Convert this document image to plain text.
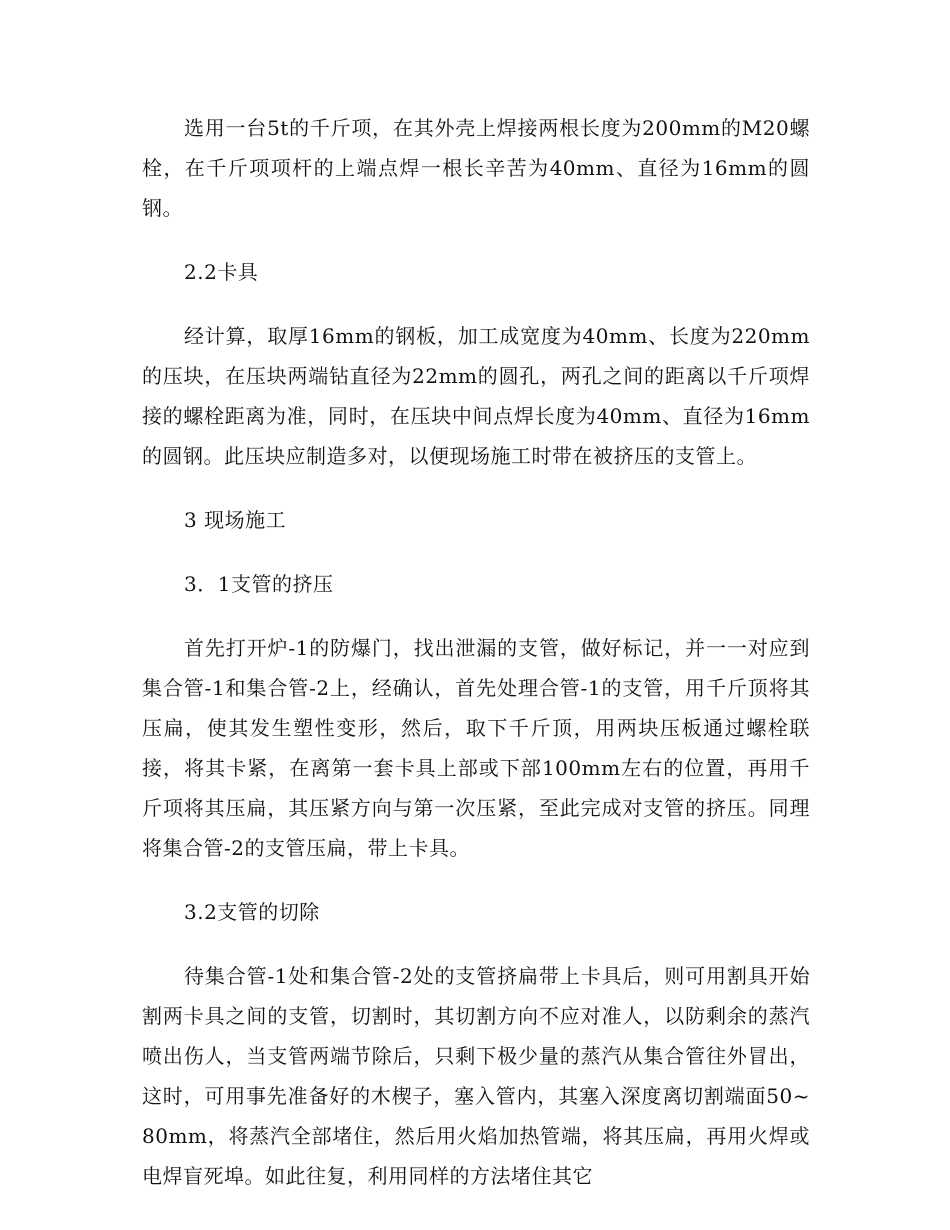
选用一台5t的千斤项，在其外壳上焊接两根长度为200mm的M20螺栓，在千斤项项杆的上端点焊一根长辛苦为40mm、直径为16mm的圆钢。

2.2卡具

经计算，取厚16mm的钢板，加工成宽度为40mm、长度为220mm的压块，在压块两端钻直径为22mm的圆孔，两孔之间的距离以千斤项焊接的螺栓距离为准，同时，在压块中间点焊长度为40mm、直径为16mm的圆钢。此压块应制造多对，以便现场施工时带在被挤压的支管上。

3 现场施工

3．1支管的挤压

首先打开炉-1的防爆门，找出泄漏的支管，做好标记，并一一对应到集合管-1和集合管-2上，经确认，首先处理合管-1的支管，用千斤顶将其压扁，使其发生塑性变形，然后，取下千斤顶，用两块压板通过螺栓联接，将其卡紧，在离第一套卡具上部或下部100mm左右的位置，再用千斤项将其压扁，其压紧方向与第一次压紧，至此完成对支管的挤压。同理将集合管-2的支管压扁，带上卡具。

3.2支管的切除

待集合管-1处和集合管-2处的支管挤扁带上卡具后，则可用割具开始割两卡具之间的支管，切割时，其切割方向不应对准人，以防剩余的蒸汽喷出伤人，当支管两端节除后，只剩下极少量的蒸汽从集合管往外冒出，这时，可用事先准备好的木楔子，塞入管内，其塞入深度离切割端面50~80mm，将蒸汽全部堵住，然后用火焰加热管端，将其压扁，再用火焊或电焊盲死埠。如此往复，利用同样的方法堵住其它
